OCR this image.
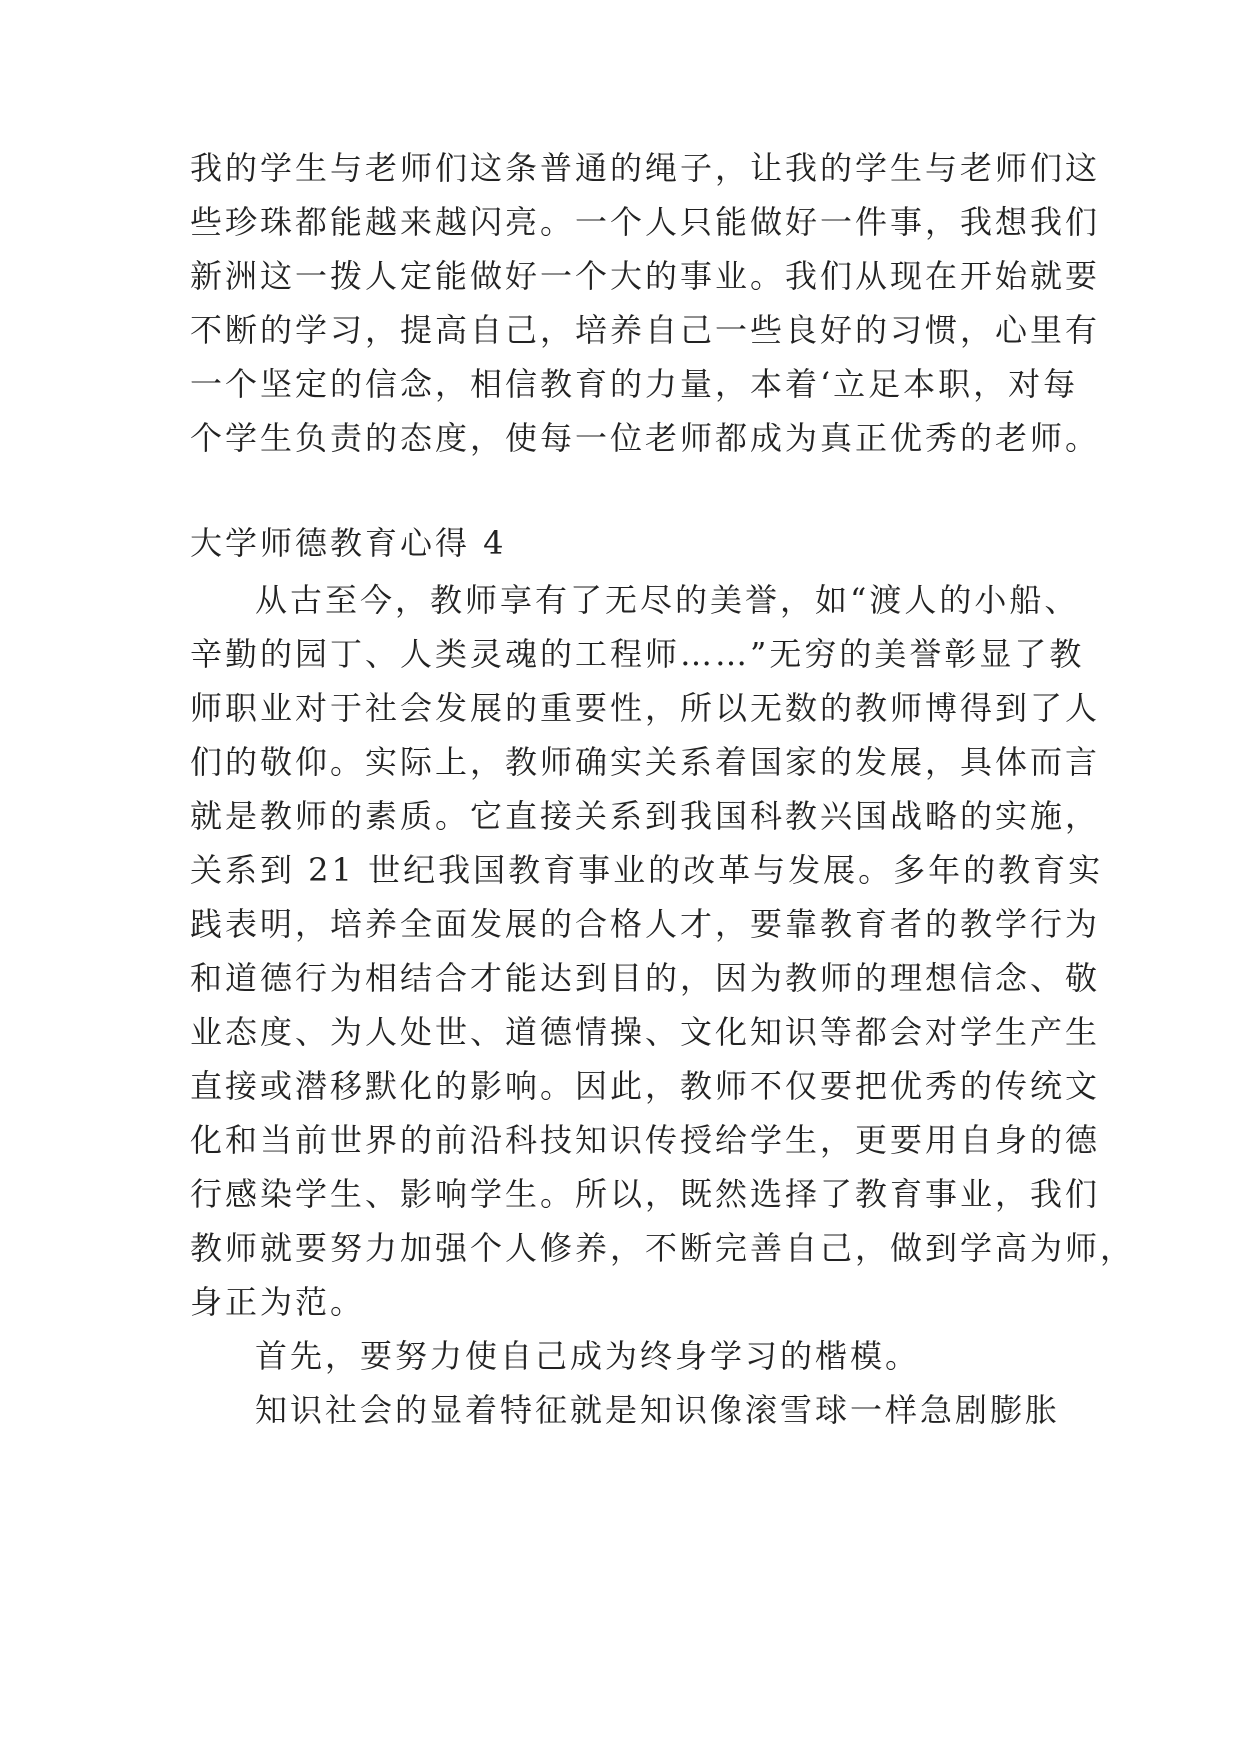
我的学生与老师们这条普通的绳子，让我的学生与老师们这
些珍珠都能越来越闪亮。一个人只能做好一件事，我想我们
新洲这一拨人定能做好一个大的事业。我们从现在开始就要
不断的学习，提高自己，培养自己一些良好的习惯，心里有
一个坚定的信念，相信教育的力量，本着‘立足本职，对每
个学生负责的态度，使每一位老师都成为真正优秀的老师。
大学师德教育心得 4
从古至今，教师享有了无尽的美誉，如“渡人的小船、
辛勤的园丁、人类灵魂的工程师……”无穷的美誉彰显了教
师职业对于社会发展的重要性，所以无数的教师博得到了人
们的敬仰。实际上，教师确实关系着国家的发展，具体而言
就是教师的素质。它直接关系到我国科教兴国战略的实施，
关系到 21 世纪我国教育事业的改革与发展。多年的教育实
践表明，培养全面发展的合格人才，要靠教育者的教学行为
和道德行为相结合才能达到目的，因为教师的理想信念、敬
业态度、为人处世、道德情操、文化知识等都会对学生产生
直接或潜移默化的影响。因此，教师不仅要把优秀的传统文
化和当前世界的前沿科技知识传授给学生，更要用自身的德
行感染学生、影响学生。所以，既然选择了教育事业，我们
教师就要努力加强个人修养，不断完善自己，做到学高为师，
身正为范。
首先，要努力使自己成为终身学习的楷模。
知识社会的显着特征就是知识像滚雪球一样急剧膨胀
